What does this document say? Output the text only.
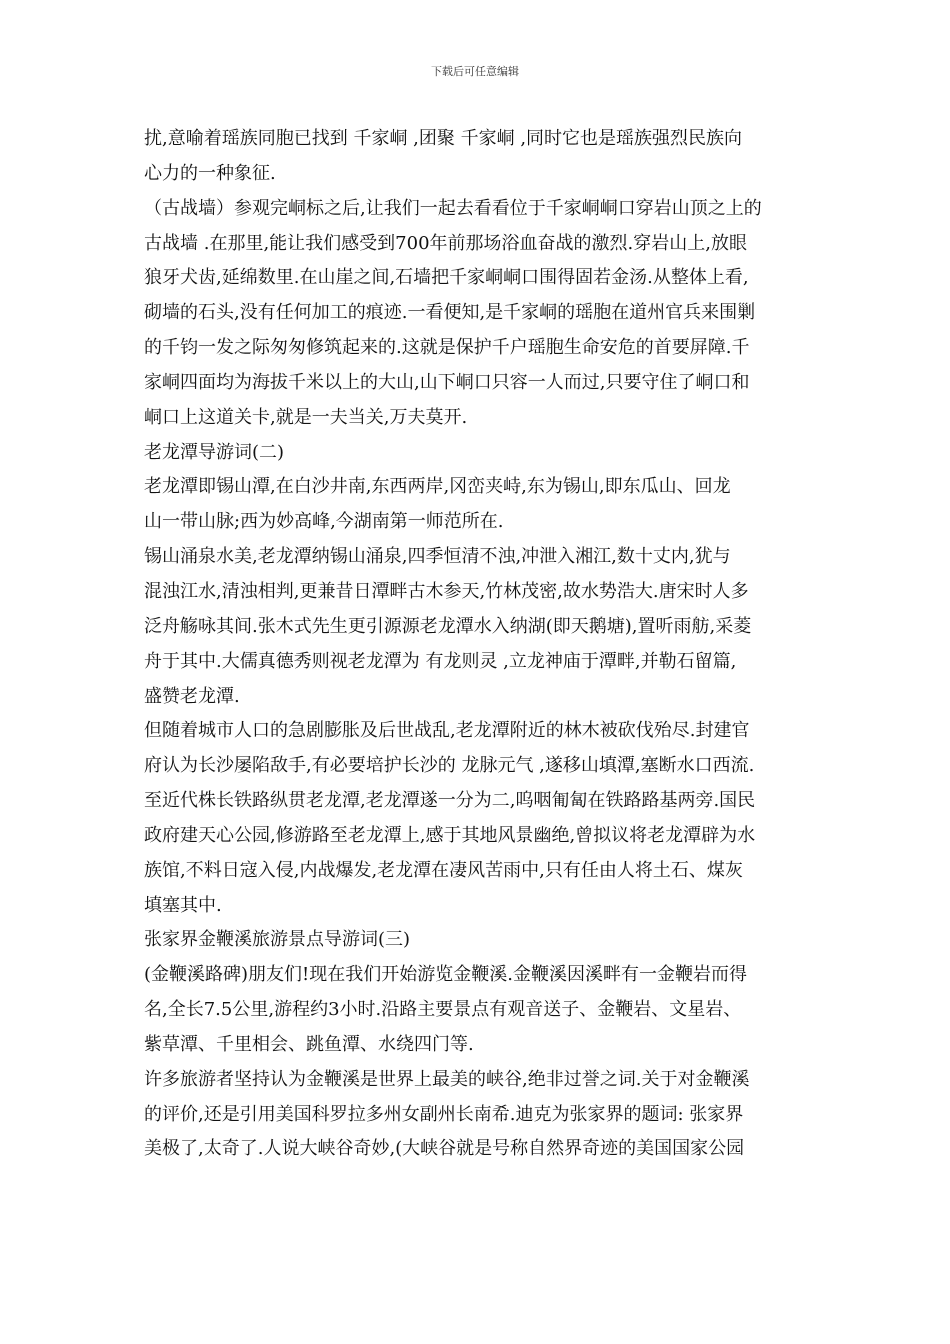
下载后可任意编辑
扰,意喻着瑶族同胞已找到 千家峒 ,团聚 千家峒 ,同时它也是瑶族强烈民族向
心力的一种象征.
（古战墙）参观完峒标之后,让我们一起去看看位于千家峒峒口穿岩山顶之上的
古战墙 .在那里,能让我们感受到700年前那场浴血奋战的激烈.穿岩山上,放眼
狼牙犬齿,延绵数里.在山崖之间,石墙把千家峒峒口围得固若金汤.从整体上看,
砌墙的石头,没有任何加工的痕迹.一看便知,是千家峒的瑶胞在道州官兵来围剿
的千钧一发之际匆匆修筑起来的.这就是保护千户瑶胞生命安危的首要屏障.千
家峒四面均为海拔千米以上的大山,山下峒口只容一人而过,只要守住了峒口和
峒口上这道关卡,就是一夫当关,万夫莫开.
老龙潭导游词(二)
老龙潭即锡山潭,在白沙井南,东西两岸,冈峦夹峙,东为锡山,即东瓜山、回龙
山一带山脉;西为妙高峰,今湖南第一师范所在.
锡山涌泉水美,老龙潭纳锡山涌泉,四季恒清不浊,冲泄入湘江,数十丈内,犹与
混浊江水,清浊相判,更兼昔日潭畔古木参天,竹林茂密,故水势浩大.唐宋时人多
泛舟觞咏其间.张木式先生更引源源老龙潭水入纳湖(即天鹅塘),置听雨舫,采菱
舟于其中.大儒真德秀则视老龙潭为 有龙则灵 ,立龙神庙于潭畔,并勒石留篇,
盛赞老龙潭.
但随着城市人口的急剧膨胀及后世战乱,老龙潭附近的林木被砍伐殆尽.封建官
府认为长沙屡陷敌手,有必要培护长沙的 龙脉元气 ,遂移山填潭,塞断水口西流.
至近代株长铁路纵贯老龙潭,老龙潭遂一分为二,呜咽匍匐在铁路路基两旁.国民
政府建天心公园,修游路至老龙潭上,感于其地风景幽绝,曾拟议将老龙潭辟为水
族馆,不料日寇入侵,内战爆发,老龙潭在凄风苦雨中,只有任由人将土石、煤灰
填塞其中.
张家界金鞭溪旅游景点导游词(三)
(金鞭溪路碑)朋友们!现在我们开始游览金鞭溪.金鞭溪因溪畔有一金鞭岩而得
名,全长7.5公里,游程约3小时.沿路主要景点有观音送子、金鞭岩、文星岩、
紫草潭、千里相会、跳鱼潭、水绕四门等.
许多旅游者坚持认为金鞭溪是世界上最美的峡谷,绝非过誉之词.关于对金鞭溪
的评价,还是引用美国科罗拉多州女副州长南希.迪克为张家界的题词: 张家界
美极了,太奇了.人说大峡谷奇妙,(大峡谷就是号称自然界奇迹的美国国家公园
